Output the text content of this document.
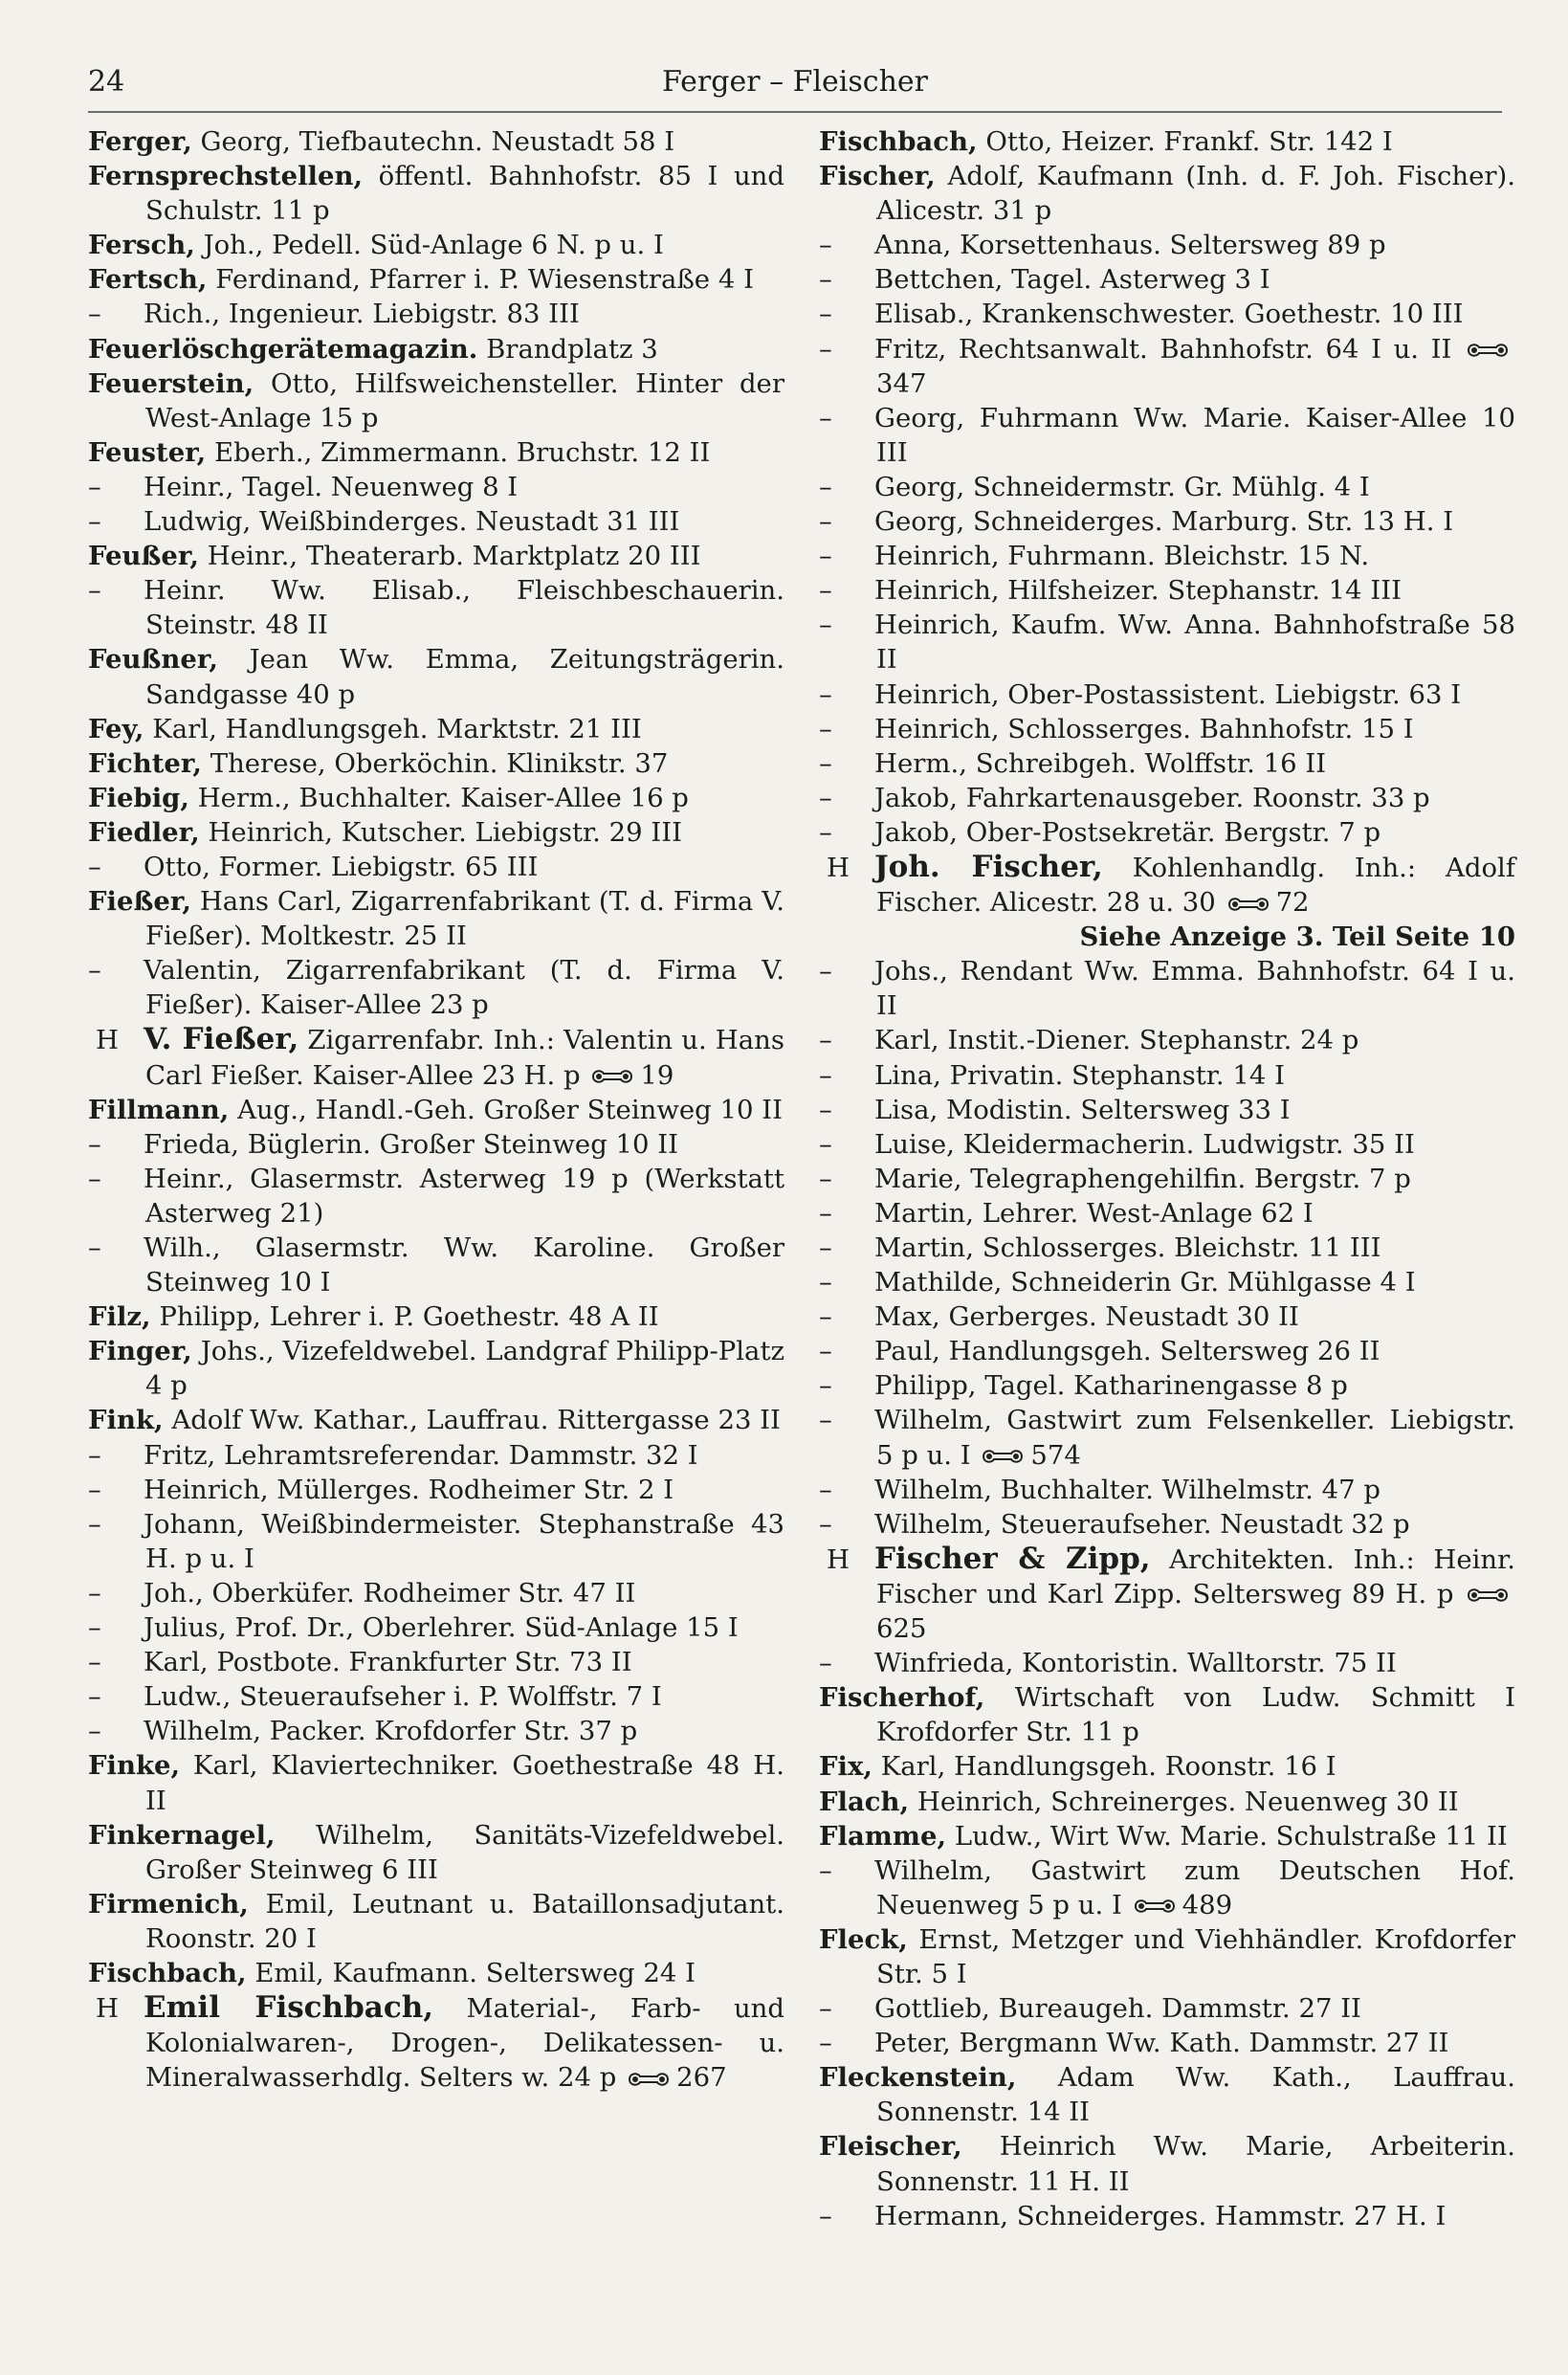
24	Ferger – Fleischer
Ferger, Georg, Tiefbautechn. Neustadt 58 I
Fernsprechstellen, öffentl. Bahnhofstr. 85 I und Schulstr. 11 p
Fersch, Joh., Pedell. Süd-Anlage 6 N. p u. I
Fertsch, Ferdinand, Pfarrer i. P. Wiesenstraße 4 I
– Rich., Ingenieur. Liebigstr. 83 III
Feuerlöschgerätemagazin. Brandplatz 3
Feuerstein, Otto, Hilfsweichensteller. Hinter der West-Anlage 15 p
Feuster, Eberh., Zimmermann. Bruchstr. 12 II
– Heinr., Tagel. Neuenweg 8 I
– Ludwig, Weißbinderges. Neustadt 31 III
Feußer, Heinr., Theaterarb. Marktplatz 20 III
– Heinr. Ww. Elisab., Fleischbeschauerin. Steinstr. 48 II
Feußner, Jean Ww. Emma, Zeitungsträgerin. Sandgasse 40 p
Fey, Karl, Handlungsgeh. Marktstr. 21 III
Fichter, Therese, Oberköchin. Klinikstr. 37
Fiebig, Herm., Buchhalter. Kaiser-Allee 16 p
Fiedler, Heinrich, Kutscher. Liebigstr. 29 III
– Otto, Former. Liebigstr. 65 III
Fießer, Hans Carl, Zigarrenfabrikant (T. d. Firma V. Fießer). Moltkestr. 25 II
– Valentin, Zigarrenfabrikant (T. d. Firma V. Fießer). Kaiser-Allee 23 p
H V. Fießer, Zigarrenfabr. Inh.: Valentin u. Hans Carl Fießer. Kaiser-Allee 23 H. p 19
Fillmann, Aug., Handl.-Geh. Großer Steinweg 10 II
– Frieda, Büglerin. Großer Steinweg 10 II
– Heinr., Glasermstr. Asterweg 19 p (Werkstatt Asterweg 21)
– Wilh., Glasermstr. Ww. Karoline. Großer Steinweg 10 I
Filz, Philipp, Lehrer i. P. Goethestr. 48 A II
Finger, Johs., Vizefeldwebel. Landgraf Philipp-Platz 4 p
Fink, Adolf Ww. Kathar., Lauffrau. Rittergasse 23 II
– Fritz, Lehramtsreferendar. Dammstr. 32 I
– Heinrich, Müllerges. Rodheimer Str. 2 I
– Johann, Weißbindermeister. Stephanstraße 43 H. p u. I
– Joh., Oberküfer. Rodheimer Str. 47 II
– Julius, Prof. Dr., Oberlehrer. Süd-Anlage 15 I
– Karl, Postbote. Frankfurter Str. 73 II
– Ludw., Steueraufseher i. P. Wolffstr. 7 I
– Wilhelm, Packer. Krofdorfer Str. 37 p
Finke, Karl, Klaviertechniker. Goethestraße 48 H. II
Finkernagel, Wilhelm, Sanitäts-Vizefeldwebel. Großer Steinweg 6 III
Firmenich, Emil, Leutnant u. Bataillonsadjutant. Roonstr. 20 I
Fischbach, Emil, Kaufmann. Seltersweg 24 I
H Emil Fischbach, Material-, Farb- und Kolonialwaren-, Drogen-, Delikatessen- u. Mineralwasserhdlg. Selters w. 24 p 267
Fischbach, Otto, Heizer. Frankf. Str. 142 I
Fischer, Adolf, Kaufmann (Inh. d. F. Joh. Fischer). Alicestr. 31 p
– Anna, Korsettenhaus. Seltersweg 89 p
– Bettchen, Tagel. Asterweg 3 I
– Elisab., Krankenschwester. Goethestr. 10 III
– Fritz, Rechtsanwalt. Bahnhofstr. 64 I u. II
347
– Georg, Fuhrmann Ww. Marie. Kaiser-Allee 10 III
– Georg, Schneidermstr. Gr. Mühlg. 4 I
– Georg, Schneiderges. Marburg. Str. 13 H. I
– Heinrich, Fuhrmann. Bleichstr. 15 N.
– Heinrich, Hilfsheizer. Stephanstr. 14 III
– Heinrich, Kaufm. Ww. Anna. Bahnhofstraße 58 II
– Heinrich, Ober-Postassistent. Liebigstr. 63 I
– Heinrich, Schlosserges. Bahnhofstr. 15 I
– Herm., Schreibgeh. Wolffstr. 16 II
– Jakob, Fahrkartenausgeber. Roonstr. 33 p
– Jakob, Ober-Postsekretär. Bergstr. 7 p
H Joh. Fischer, Kohlenhandlg. Inh.: Adolf Fischer. Alicestr. 28 u. 30 72
Siehe Anzeige 3. Teil Seite 10
– Johs., Rendant Ww. Emma. Bahnhofstr. 64 I u. II
– Karl, Instit.-Diener. Stephanstr. 24 p
– Lina, Privatin. Stephanstr. 14 I
– Lisa, Modistin. Seltersweg 33 I
– Luise, Kleidermacherin. Ludwigstr. 35 II
– Marie, Telegraphengehilfin. Bergstr. 7 p
– Martin, Lehrer. West-Anlage 62 I
– Martin, Schlosserges. Bleichstr. 11 III
– Mathilde, Schneiderin Gr. Mühlgasse 4 I
– Max, Gerberges. Neustadt 30 II
– Paul, Handlungsgeh. Seltersweg 26 II
– Philipp, Tagel. Katharinengasse 8 p
– Wilhelm, Gastwirt zum Felsenkeller. Liebigstr. 5 p u. I 574
– Wilhelm, Buchhalter. Wilhelmstr. 47 p
– Wilhelm, Steueraufseher. Neustadt 32 p
H Fischer & Zipp, Architekten. Inh.: Heinr. Fischer und Karl Zipp. Seltersweg 89 H. p
625
– Winfrieda, Kontoristin. Walltorstr. 75 II
Fischerhof, Wirtschaft von Ludw. Schmitt I Krofdorfer Str. 11 p
Fix, Karl, Handlungsgeh. Roonstr. 16 I
Flach, Heinrich, Schreinerges. Neuenweg 30 II
Flamme, Ludw., Wirt Ww. Marie. Schulstraße 11 II
– Wilhelm, Gastwirt zum Deutschen Hof. Neuenweg 5 p u. I 489
Fleck, Ernst, Metzger und Viehhändler. Krofdorfer Str. 5 I
– Gottlieb, Bureaugeh. Dammstr. 27 II
– Peter, Bergmann Ww. Kath. Dammstr. 27 II
Fleckenstein, Adam Ww. Kath., Lauffrau. Sonnenstr. 14 II
Fleischer, Heinrich Ww. Marie, Arbeiterin. Sonnenstr. 11 H. II
– Hermann, Schneiderges. Hammstr. 27 H. I
